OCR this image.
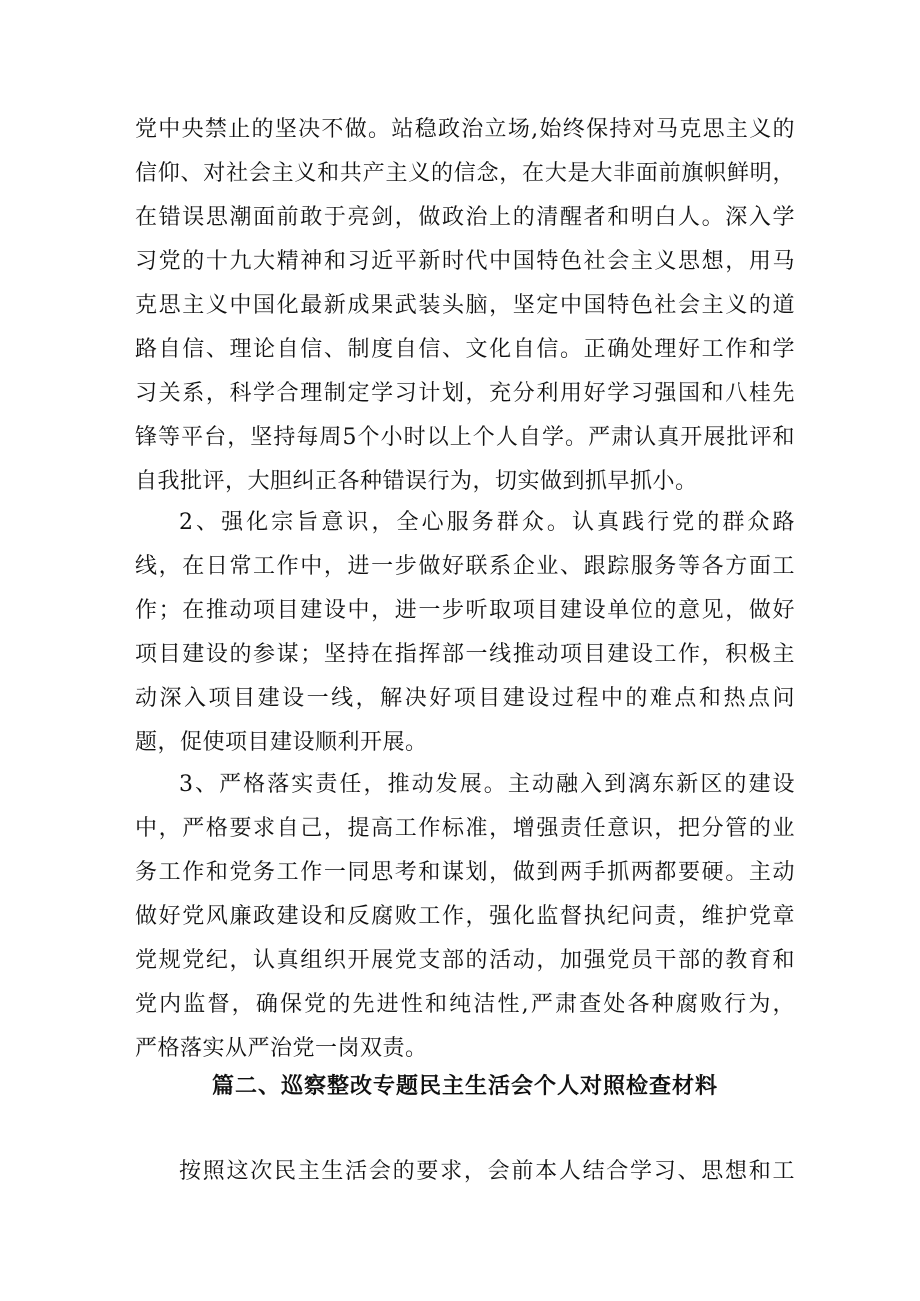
党中央禁止的坚决不做。站稳政治立场,始终保持对马克思主义的
信仰、对社会主义和共产主义的信念，在大是大非面前旗帜鲜明，
在错误思潮面前敢于亮剑，做政治上的清醒者和明白人。深入学
习党的十九大精神和习近平新时代中国特色社会主义思想，用马
克思主义中国化最新成果武装头脑，坚定中国特色社会主义的道
路自信、理论自信、制度自信、文化自信。正确处理好工作和学
习关系，科学合理制定学习计划，充分利用好学习强国和八桂先
锋等平台，坚持每周5个小时以上个人自学。严肃认真开展批评和
自我批评，大胆纠正各种错误行为，切实做到抓早抓小。
2、强化宗旨意识，全心服务群众。认真践行党的群众路
线，在日常工作中，进一步做好联系企业、跟踪服务等各方面工
作；在推动项目建设中，进一步听取项目建设单位的意见，做好
项目建设的参谋；坚持在指挥部一线推动项目建设工作，积极主
动深入项目建设一线，解决好项目建设过程中的难点和热点问
题，促使项目建设顺利开展。
3、严格落实责任，推动发展。主动融入到漓东新区的建设
中，严格要求自己，提高工作标准，增强责任意识，把分管的业
务工作和党务工作一同思考和谋划，做到两手抓两都要硬。主动
做好党风廉政建设和反腐败工作，强化监督执纪问责，维护党章
党规党纪，认真组织开展党支部的活动，加强党员干部的教育和
党内监督，确保党的先进性和纯洁性,严肃查处各种腐败行为，
严格落实从严治党一岗双责。
篇二、巡察整改专题民主生活会个人对照检查材料
按照这次民主生活会的要求，会前本人结合学习、思想和工
